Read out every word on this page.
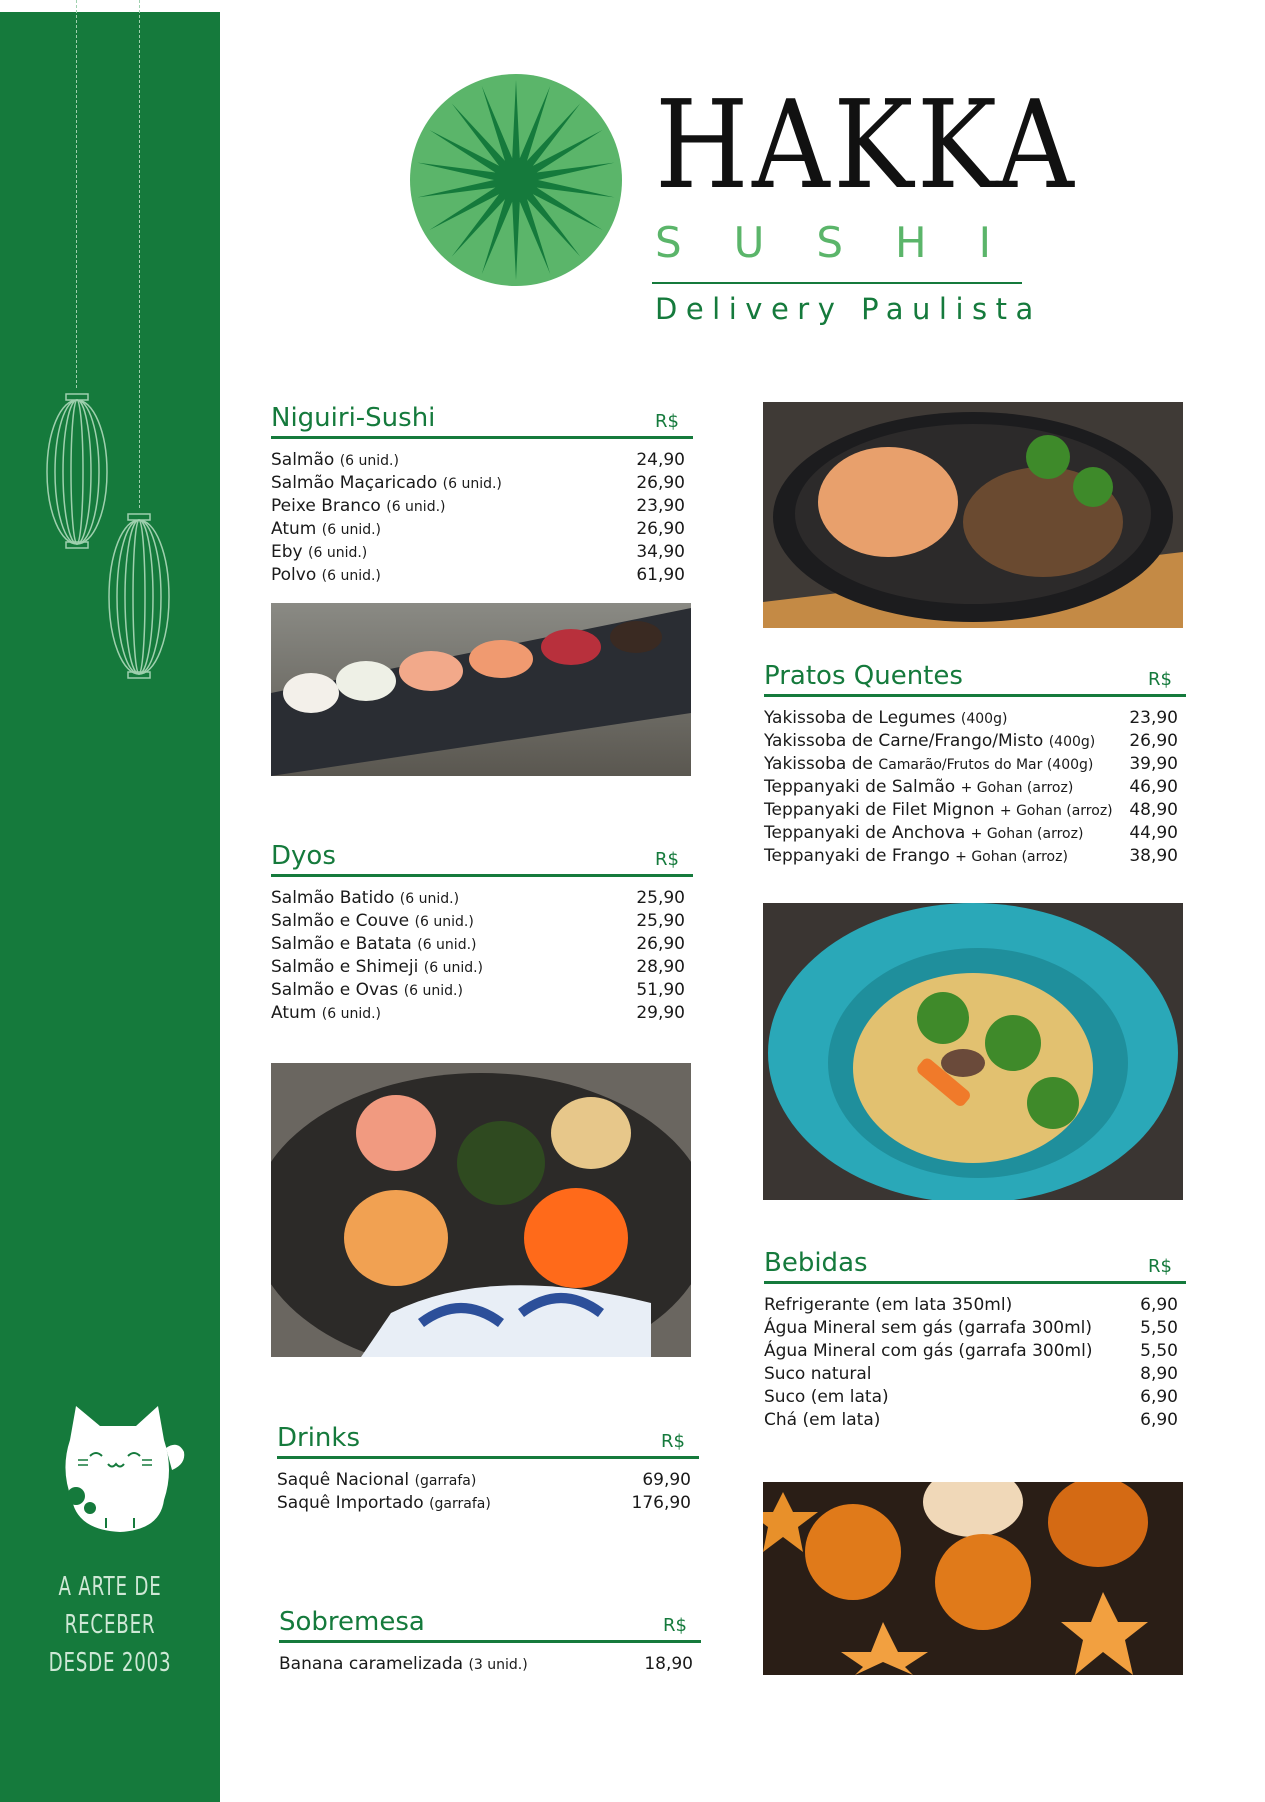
A ARTE DE
RECEBER
DESDE 2003
HAKKA
SUSHI
Delivery Paulista
Niguiri-Sushi	R$
Salmão (6 unid.)	24,90
Salmão Maçaricado (6 unid.)	26,90
Peixe Branco (6 unid.)	23,90
Atum (6 unid.)	26,90
Eby (6 unid.)	34,90
Polvo (6 unid.)	61,90
Dyos	R$
Salmão Batido (6 unid.)	25,90
Salmão e Couve (6 unid.)	25,90
Salmão e Batata (6 unid.)	26,90
Salmão e Shimeji (6 unid.)	28,90
Salmão e Ovas (6 unid.)	51,90
Atum (6 unid.)	29,90
Drinks	R$
Saquê Nacional (garrafa)	69,90
Saquê Importado (garrafa)	176,90
Sobremesa	R$
Banana caramelizada (3 unid.)	18,90
Pratos Quentes	R$
Yakissoba de Legumes (400g)	23,90
Yakissoba de Carne/Frango/Misto (400g) 26,90
Yakissoba de Camarão/Frutos do Mar (400g) 39,90
Teppanyaki de Salmão + Gohan (arroz)	46,90
Teppanyaki de Filet Mignon + Gohan (arroz) 48,90
Teppanyaki de Anchova + Gohan (arroz)	44,90
Teppanyaki de Frango + Gohan (arroz)	38,90
Bebidas	R$
Refrigerante (em lata 350ml)	6,90
Água Mineral sem gás (garrafa 300ml)	5,50
Água Mineral com gás (garrafa 300ml)	5,50
Suco natural	8,90
Suco (em lata)	6,90
Chá (em lata)	6,90
